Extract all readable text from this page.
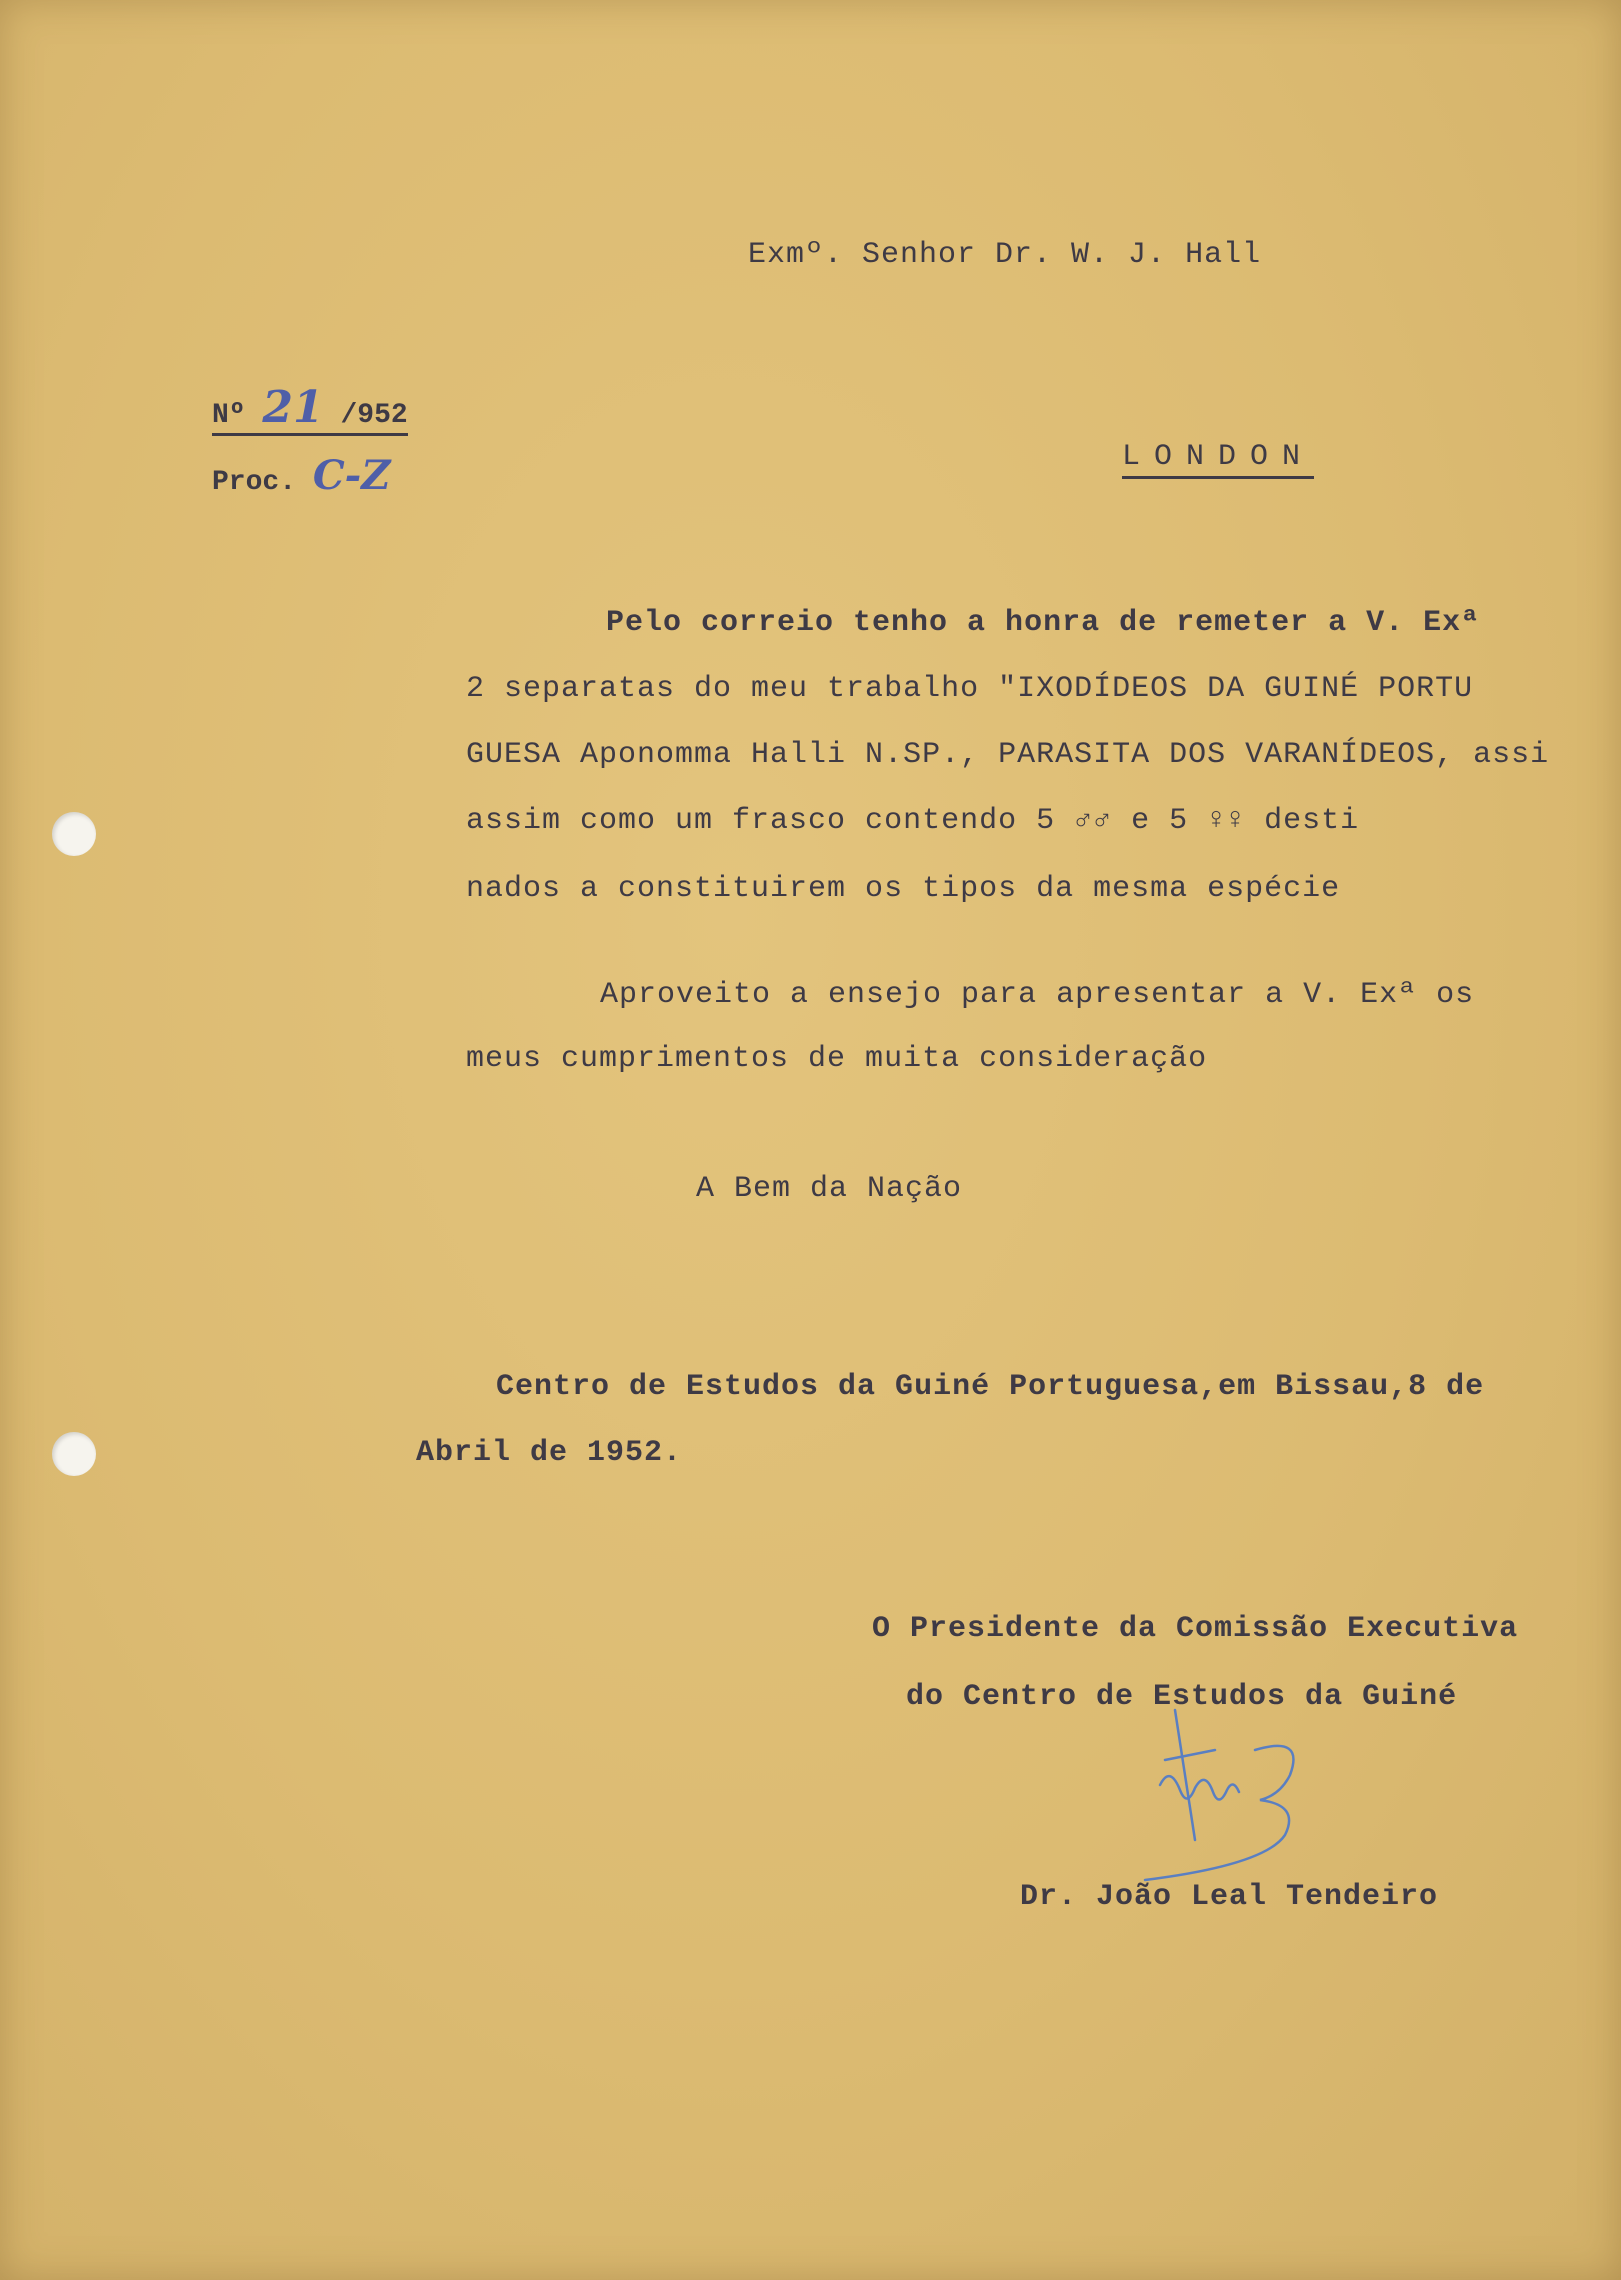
Exmº. Senhor Dr. W. J. Hall
Nº 21 /952
Proc. C-Z	LONDON
Pelo correio tenho a honra de remeter a V. Exª
2 separatas do meu trabalho "IXODÍDEOS DA GUINÉ PORTU
GUESA Aponomma Halli N.SP., PARASITA DOS VARANÍDEOS, assi
assim como um frasco contendo 5 ♂♂ e 5 ♀♀ desti
nados a constituirem os tipos da mesma espécie
Aproveito a ensejo para apresentar a V. Exª os
meus cumprimentos de muita consideração
A Bem da Nação
Centro de Estudos da Guiné Portuguesa,em Bissau,8 de
Abril de 1952.
O Presidente da Comissão Executiva
do Centro de Estudos da Guiné
Dr. João Leal Tendeiro
